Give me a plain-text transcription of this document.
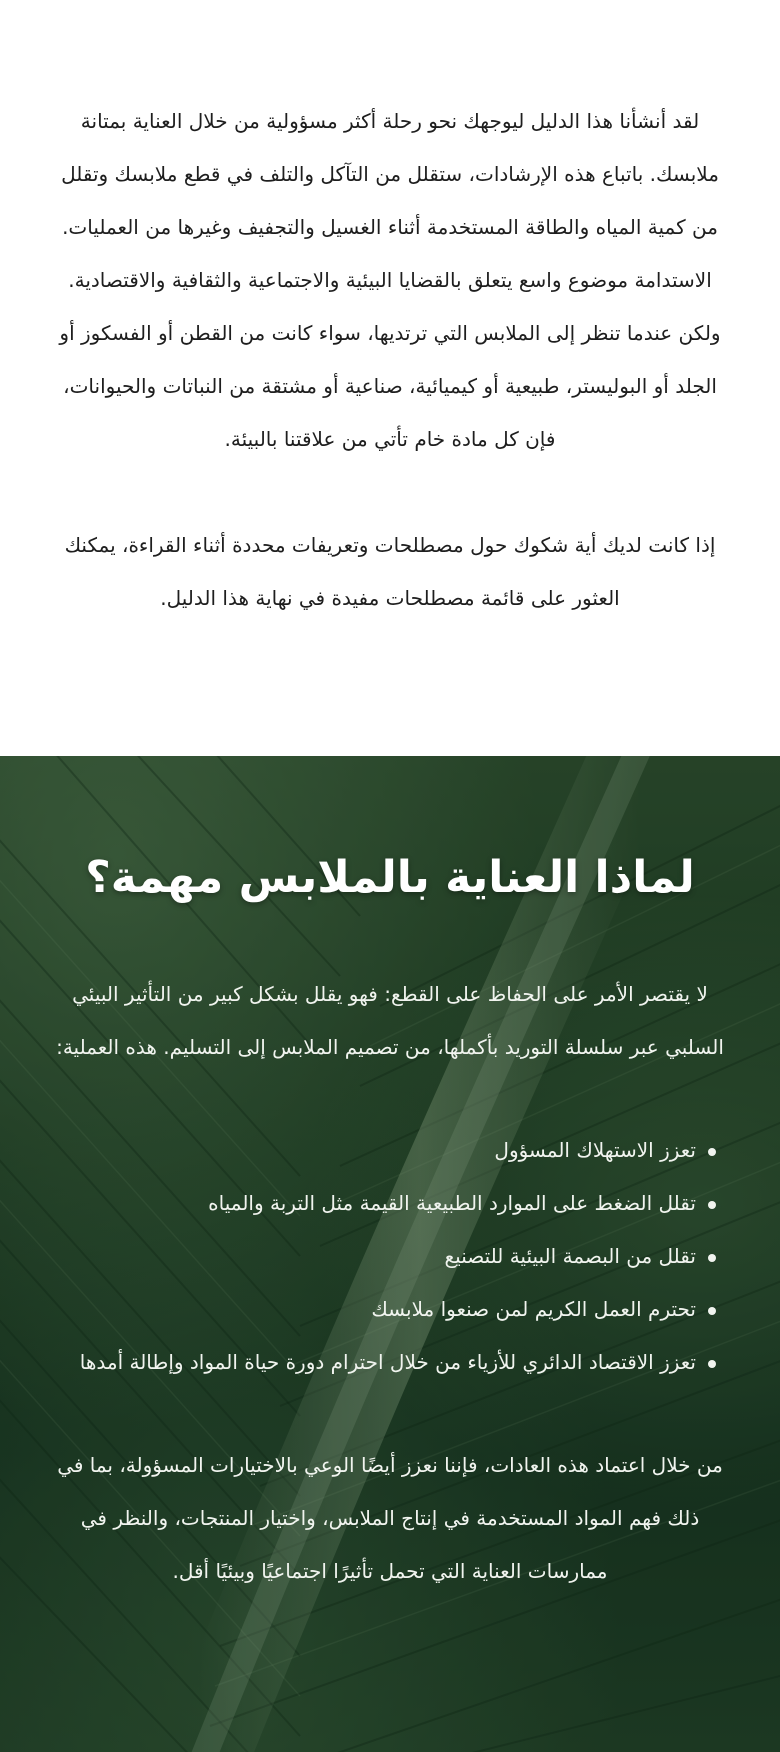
لقد أنشأنا هذا الدليل ليوجهك نحو رحلة أكثر مسؤولية من خلال العناية بمتانة ملابسك. باتباع هذه الإرشادات، ستقلل من التآكل والتلف في قطع ملابسك وتقلل من كمية المياه والطاقة المستخدمة أثناء الغسيل والتجفيف وغيرها من العمليات. الاستدامة موضوع واسع يتعلق بالقضايا البيئية والاجتماعية والثقافية والاقتصادية. ولكن عندما تنظر إلى الملابس التي ترتديها، سواء كانت من القطن أو الفسكوز أو الجلد أو البوليستر، طبيعية أو كيميائية، صناعية أو مشتقة من النباتات والحيوانات، فإن كل مادة خام تأتي من علاقتنا بالبيئة.

إذا كانت لديك أية شكوك حول مصطلحات وتعريفات محددة أثناء القراءة، يمكنك العثور على قائمة مصطلحات مفيدة في نهاية هذا الدليل.

لماذا العناية بالملابس مهمة؟

لا يقتصر الأمر على الحفاظ على القطع: فهو يقلل بشكل كبير من التأثير البيئي السلبي عبر سلسلة التوريد بأكملها، من تصميم الملابس إلى التسليم. هذه العملية:

تعزز الاستهلاك المسؤول
تقلل الضغط على الموارد الطبيعية القيمة مثل التربة والمياه
تقلل من البصمة البيئية للتصنيع
تحترم العمل الكريم لمن صنعوا ملابسك
تعزز الاقتصاد الدائري للأزياء من خلال احترام دورة حياة المواد وإطالة أمدها

من خلال اعتماد هذه العادات، فإننا نعزز أيضًا الوعي بالاختيارات المسؤولة، بما في ذلك فهم المواد المستخدمة في إنتاج الملابس، واختيار المنتجات، والنظر في ممارسات العناية التي تحمل تأثيرًا اجتماعيًا وبيئيًا أقل.
